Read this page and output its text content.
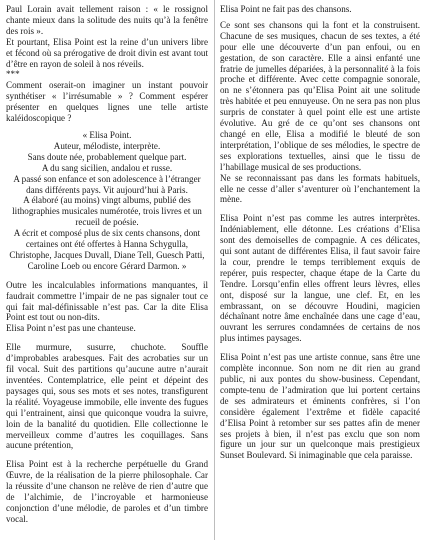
Paul Lorain avait tellement raison : « le rossignol chante mieux dans la solitude des nuits qu’à la fenêtre des rois ».

Et pourtant, Elisa Point est la reine d’un univers libre et fécond où sa prérogative de droit divin est avant tout d’être en rayon de soleil à nos réveils.

***

Comment oserait-on imaginer un instant pouvoir synthétiser « l’irrésumable » ? Comment espérer présenter en quelques lignes une telle artiste kaléidoscopique ?

« Elisa Point.

Auteur, mélodiste, interprète.

Sans doute née, probablement quelque part.

A du sang sicilien, andalou et russe.

A passé son enfance et son adolescence à l’étranger

dans différents pays. Vit aujourd’hui à Paris.

A élaboré (au moins) vingt albums, publié des lithographies musicales numérotée, trois livres et un recueil de poésie.

A écrit et composé plus de six cents chansons, dont certaines ont été offertes à Hanna Schygulla, Christophe, Jacques Duvall, Diane Tell, Guesch Patti, Caroline Loeb ou encore Gérard Darmon. »

Outre les incalculables informations manquantes, il faudrait commettre l’impair de ne pas signaler tout ce qui fait mal-définissable n’est pas. Car la dite Elisa Point est tout ou non-dits.

Elisa Point n’est pas une chanteuse.

Elle murmure, susurre, chuchote. Souffle d’improbables arabesques. Fait des acrobaties sur un fil vocal. Suit des partitions qu’aucune autre n’aurait inventées. Contemplatrice, elle peint et dépeint des paysages qui, sous ses mots et ses notes, transfigurent la réalité. Voyageuse immobile, elle invente des fugues qui l’entrainent, ainsi que quiconque voudra la suivre, loin de la banalité du quotidien. Elle collectionne le merveilleux comme d’autres les coquillages. Sans aucune prétention,

Elisa Point est à la recherche perpétuelle du Grand Œuvre, de la réalisation de la pierre philosophale. Car la réussite d’une chanson ne relève de rien d’autre que de l’alchimie, de l’incroyable et harmonieuse conjonction d’une mélodie, de paroles et d’un timbre vocal.

Elisa Point ne fait pas des chansons.

Ce sont ses chansons qui la font et la construisent. Chacune de ses musiques, chacun de ses textes, a été pour elle une découverte d’un pan enfoui, ou en gestation, de son caractère. Elle a ainsi enfanté une fratrie de jumelles dépariées, à la personnalité à la fois proche et différente. Avec cette compagnie sonorale, on ne s’étonnera pas qu’Elisa Point ait une solitude très habitée et peu ennuyeuse. On ne sera pas non plus surpris de constater à quel point elle est une artiste évolutive. Au gré de ce qu’ont ses chansons ont changé en elle, Elisa a modifié le bleuté de son interprétation, l’oblique de ses mélodies, le spectre de ses explorations textuelles, ainsi que le tissu de l’habillage musical de ses productions.

Ne se reconnaissant pas dans les formats habituels, elle ne cesse d’aller s’aventurer où l’enchantement la mène.

Elisa Point n’est pas comme les autres interprètes. Indéniablement, elle détonne. Les créations d’Elisa sont des demoiselles de compagnie. A ces délicates, qui sont autant de différentes Elisa, il faut savoir faire la cour, prendre le temps terriblement exquis de repérer, puis respecter, chaque étape de la Carte du Tendre. Lorsqu’enfin elles offrent leurs lèvres, elles ont, disposé sur la langue, une clef. Et, en les embrassant, on se découvre Houdini, magicien déchaînant notre âme enchaînée dans une cage d’eau, ouvrant les serrures condamnées de certains de nos plus intimes paysages.

Elisa Point n’est pas une artiste connue, sans être une complète inconnue. Son nom ne dit rien au grand public, ni aux pontes du show-business. Cependant, compte-tenu de l’admiration que lui portent certains de ses admirateurs et éminents confrères, si l’on considère également l’extrême et fidèle capacité d’Elisa Point à retomber sur ses pattes afin de mener ses projets à bien, il n’est pas exclu que son nom figure un jour sur un quelconque mais prestigieux Sunset Boulevard. Si inimaginable que cela paraisse.
